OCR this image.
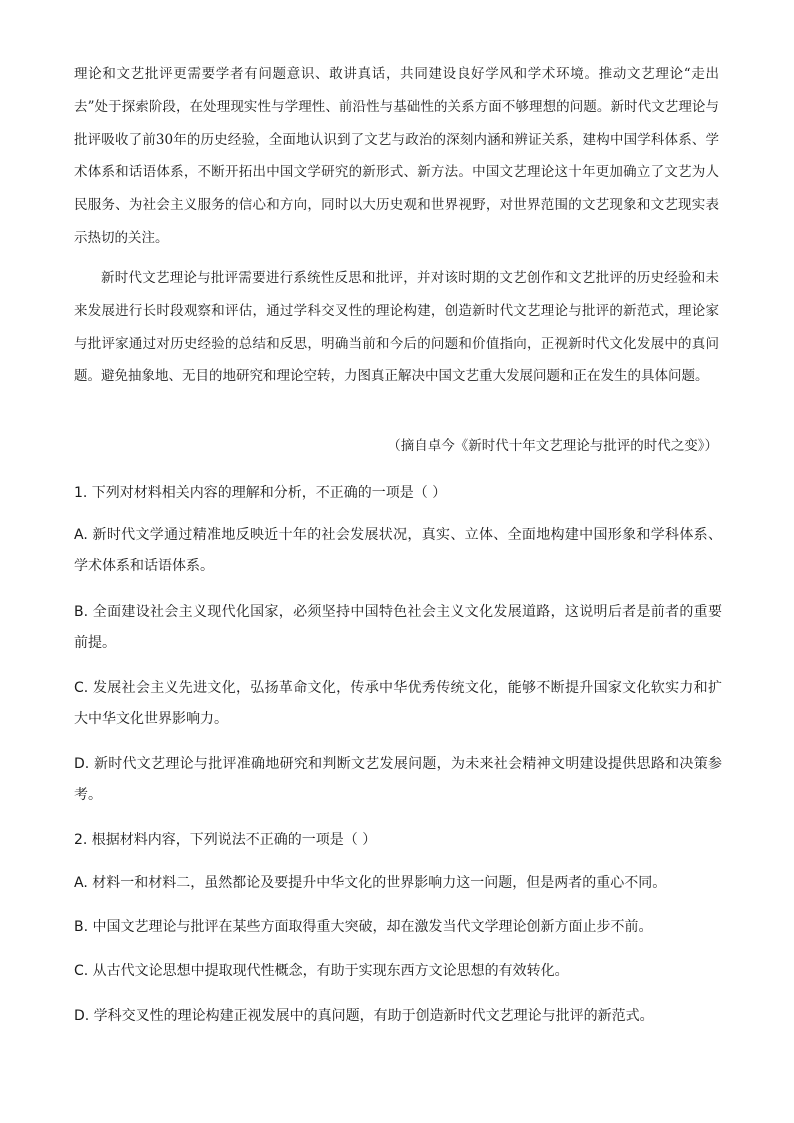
理论和文艺批评更需要学者有问题意识、敢讲真话，共同建设良好学风和学术环境。推动文艺理论“走出去”处于探索阶段，在处理现实性与学理性、前沿性与基础性的关系方面不够理想的问题。新时代文艺理论与批评吸收了前30年的历史经验，全面地认识到了文艺与政治的深刻内涵和辨证关系，建构中国学科体系、学术体系和话语体系，不断开拓出中国文学研究的新形式、新方法。中国文艺理论这十年更加确立了文艺为人民服务、为社会主义服务的信心和方向，同时以大历史观和世界视野，对世界范围的文艺现象和文艺现实表示热切的关注。

新时代文艺理论与批评需要进行系统性反思和批评，并对该时期的文艺创作和文艺批评的历史经验和未来发展进行长时段观察和评估，通过学科交叉性的理论构建，创造新时代文艺理论与批评的新范式，理论家与批评家通过对历史经验的总结和反思，明确当前和今后的问题和价值指向，正视新时代文化发展中的真问题。避免抽象地、无目的地研究和理论空转，力图真正解决中国文艺重大发展问题和正在发生的具体问题。

（摘自卓今《新时代十年文艺理论与批评的时代之变》）

1. 下列对材料相关内容的理解和分析，不正确的一项是（ ）

A. 新时代文学通过精准地反映近十年的社会发展状况，真实、立体、全面地构建中国形象和学科体系、学术体系和话语体系。

B. 全面建设社会主义现代化国家，必须坚持中国特色社会主义文化发展道路，这说明后者是前者的重要前提。

C. 发展社会主义先进文化，弘扬革命文化，传承中华优秀传统文化，能够不断提升国家文化软实力和扩大中华文化世界影响力。

D. 新时代文艺理论与批评准确地研究和判断文艺发展问题，为未来社会精神文明建设提供思路和决策参考。

2. 根据材料内容，下列说法不正确的一项是（ ）

A. 材料一和材料二，虽然都论及要提升中华文化的世界影响力这一问题，但是两者的重心不同。

B. 中国文艺理论与批评在某些方面取得重大突破，却在激发当代文学理论创新方面止步不前。

C. 从古代文论思想中提取现代性概念，有助于实现东西方文论思想的有效转化。

D. 学科交叉性的理论构建正视发展中的真问题，有助于创造新时代文艺理论与批评的新范式。
